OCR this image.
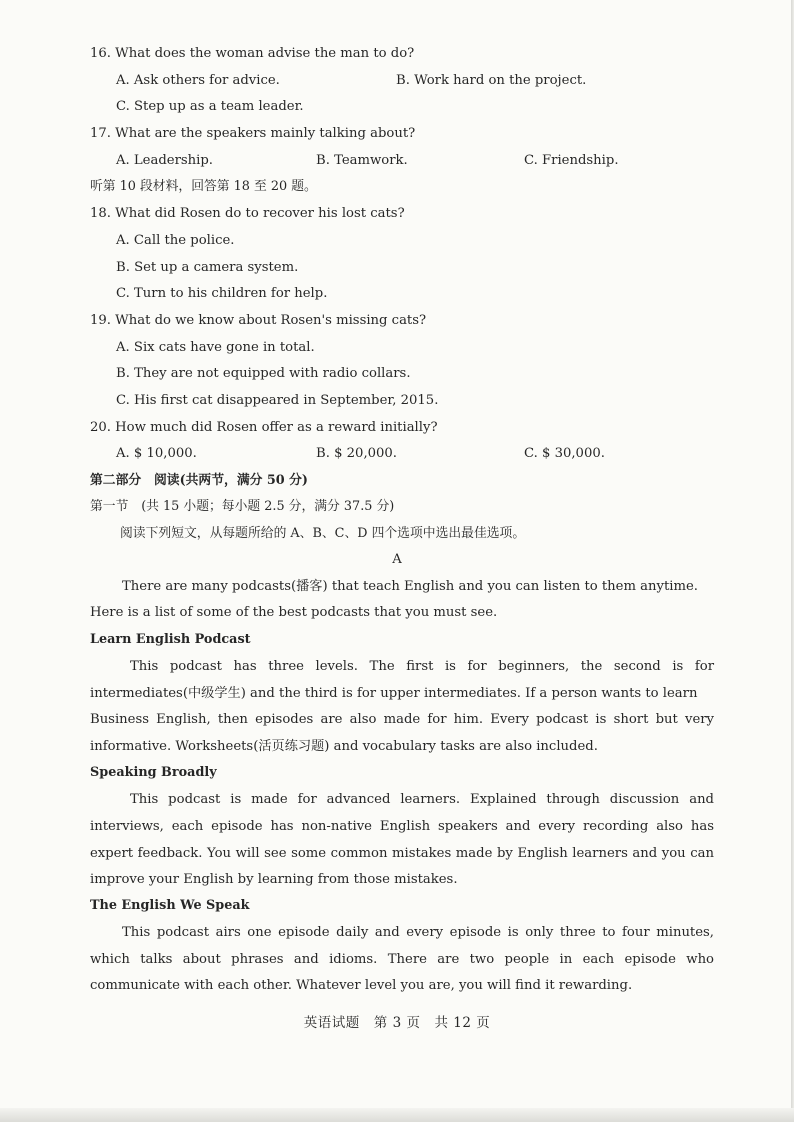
16. What does the woman advise the man to do?
A. Ask others for advice.	B. Work hard on the project.
C. Step up as a team leader.
17. What are the speakers mainly talking about?
A. Leadership.	B. Teamwork.	C. Friendship.
听第 10 段材料，回答第 18 至 20 题。
18. What did Rosen do to recover his lost cats?
A. Call the police.
B. Set up a camera system.
C. Turn to his children for help.
19. What do we know about Rosen's missing cats?
A. Six cats have gone in total.
B. They are not equipped with radio collars.
C. His first cat disappeared in September, 2015.
20. How much did Rosen offer as a reward initially?
A. $ 10,000.	B. $ 20,000.	C. $ 30,000.
第二部分　阅读(共两节，满分 50 分)
第一节　(共 15 小题；每小题 2.5 分，满分 37.5 分)
阅读下列短文，从每题所给的 A、B、C、D 四个选项中选出最佳选项。
A
There are many podcasts(播客) that teach English and you can listen to them anytime.
Here is a list of some of the best podcasts that you must see.
Learn English Podcast
This podcast has three levels. The first is for beginners, the second is for
intermediates(中级学生) and the third is for upper intermediates. If a person wants to learn
Business English, then episodes are also made for him. Every podcast is short but very
informative. Worksheets(活页练习题) and vocabulary tasks are also included.
Speaking Broadly
This podcast is made for advanced learners. Explained through discussion and
interviews, each episode has non-native English speakers and every recording also has
expert feedback. You will see some common mistakes made by English learners and you can
improve your English by learning from those mistakes.
The English We Speak
This podcast airs one episode daily and every episode is only three to four minutes,
which talks about phrases and idioms. There are two people in each episode who
communicate with each other. Whatever level you are, you will find it rewarding.
英语试题　第 3 页　共 12 页
